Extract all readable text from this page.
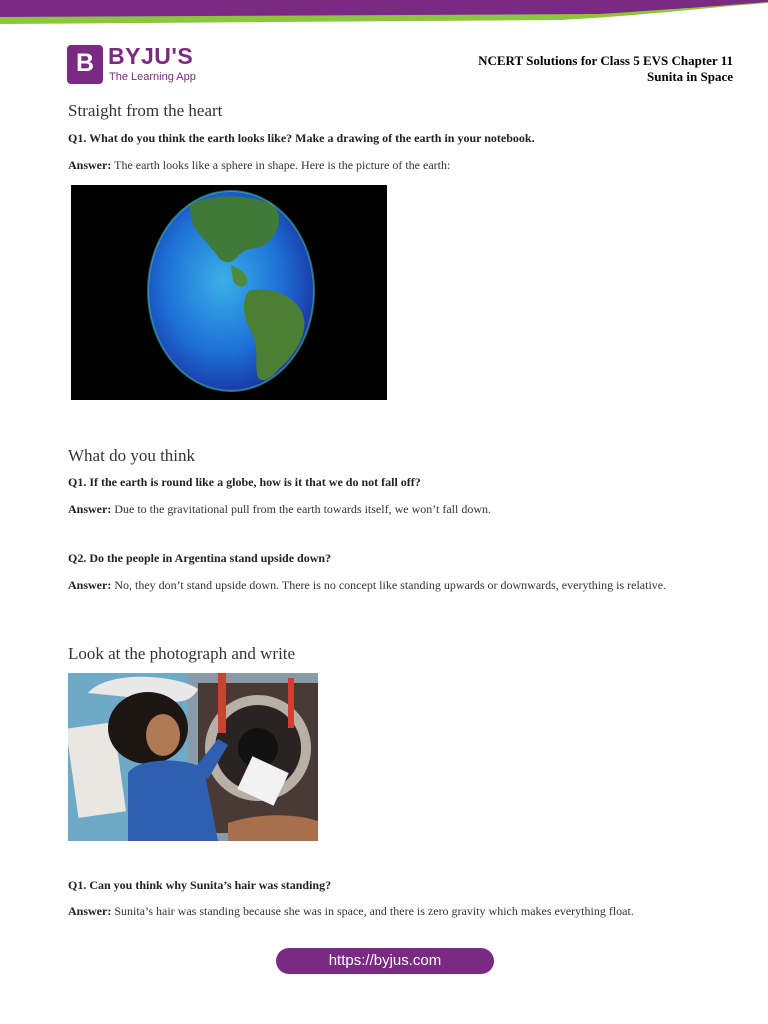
B BYJU'S
The Learning App
NCERT Solutions for Class 5 EVS Chapter 11
Sunita in Space
Straight from the heart
Q1. What do you think the earth looks like? Make a drawing of the earth in your notebook.
Answer: The earth looks like a sphere in shape. Here is the picture of the earth:
What do you think
Q1. If the earth is round like a globe, how is it that we do not fall off?
Answer: Due to the gravitational pull from the earth towards itself, we won’t fall down.
Q2. Do the people in Argentina stand upside down?
Answer: No, they don’t stand upside down. There is no concept like standing upwards or downwards, everything is relative.
Look at the photograph and write
Q1. Can you think why Sunita’s hair was standing?
Answer: Sunita’s hair was standing because she was in space, and there is zero gravity which makes everything float.
https://byjus.com
